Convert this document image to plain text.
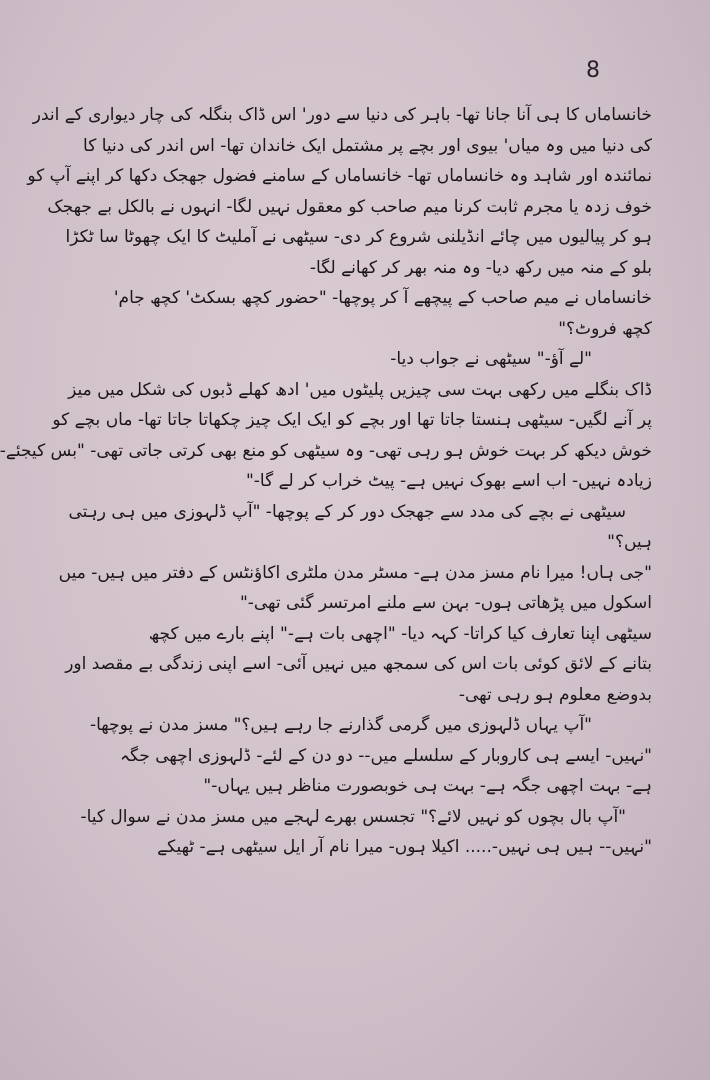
8
خانساماں کا ہی آنا جانا تھا- باہر کی دنیا سے دور' اس ڈاک بنگلہ کی چار دیواری کے اندر
کی دنیا میں وہ میاں' بیوی اور بچے پر مشتمل ایک خاندان تھا- اس اندر کی دنیا کا
نمائندہ اور شاہد وہ خانساماں تھا- خانساماں کے سامنے فضول جھجک دکھا کر اپنے آپ کو
خوف زدہ یا مجرم ثابت کرنا میم صاحب کو معقول نہیں لگا- انہوں نے بالکل بے جھجک
ہو کر پیالیوں میں چائے انڈیلنی شروع کر دی- سیٹھی نے آملیٹ کا ایک چھوٹا سا ٹکڑا
بلو کے منہ میں رکھ دیا- وہ منہ بھر کر کھانے لگا-
خانساماں نے میم صاحب کے پیچھے آ کر پوچھا- "حضور کچھ بسکٹ' کچھ جام'
کچھ فروٹ؟"
"لے آؤ-" سیٹھی نے جواب دیا-
ڈاک بنگلے میں رکھی بہت سی چیزیں پلیٹوں میں' ادھ کھلے ڈبوں کی شکل میں میز
پر آنے لگیں- سیٹھی ہنستا جاتا تھا اور بچے کو ایک ایک چیز چکھاتا جاتا تھا- ماں بچے کو
خوش دیکھ کر بہت خوش ہو رہی تھی- وہ سیٹھی کو منع بھی کرتی جاتی تھی- "بس کیجئے-
زیادہ نہیں- اب اسے بھوک نہیں ہے- پیٹ خراب کر لے گا-"
سیٹھی نے بچے کی مدد سے جھجک دور کر کے پوچھا- "آپ ڈلہوزی میں ہی رہتی
ہیں؟"
"جی ہاں! میرا نام مسز مدن ہے- مسٹر مدن ملٹری اکاؤنٹس کے دفتر میں ہیں- میں
اسکول میں پڑھاتی ہوں- بہن سے ملنے امرتسر گئی تھی-"
سیٹھی اپنا تعارف کیا کراتا- کہہ دیا- "اچھی بات ہے-" اپنے بارے میں کچھ
بتانے کے لائق کوئی بات اس کی سمجھ میں نہیں آئی- اسے اپنی زندگی بے مقصد اور
بدوضع معلوم ہو رہی تھی-
"آپ یہاں ڈلہوزی میں گرمی گذارنے جا رہے ہیں؟" مسز مدن نے پوچھا-
"نہیں- ایسے ہی کاروبار کے سلسلے میں-- دو دن کے لئے- ڈلہوزی اچھی جگہ
ہے- بہت اچھی جگہ ہے- بہت ہی خوبصورت مناظر ہیں یہاں-"
"آپ بال بچوں کو نہیں لائے؟" تجسس بھرے لہجے میں مسز مدن نے سوال کیا-
"نہیں-- ہیں ہی نہیں-..... اکیلا ہوں- میرا نام آر ایل سیٹھی ہے- ٹھیکے
